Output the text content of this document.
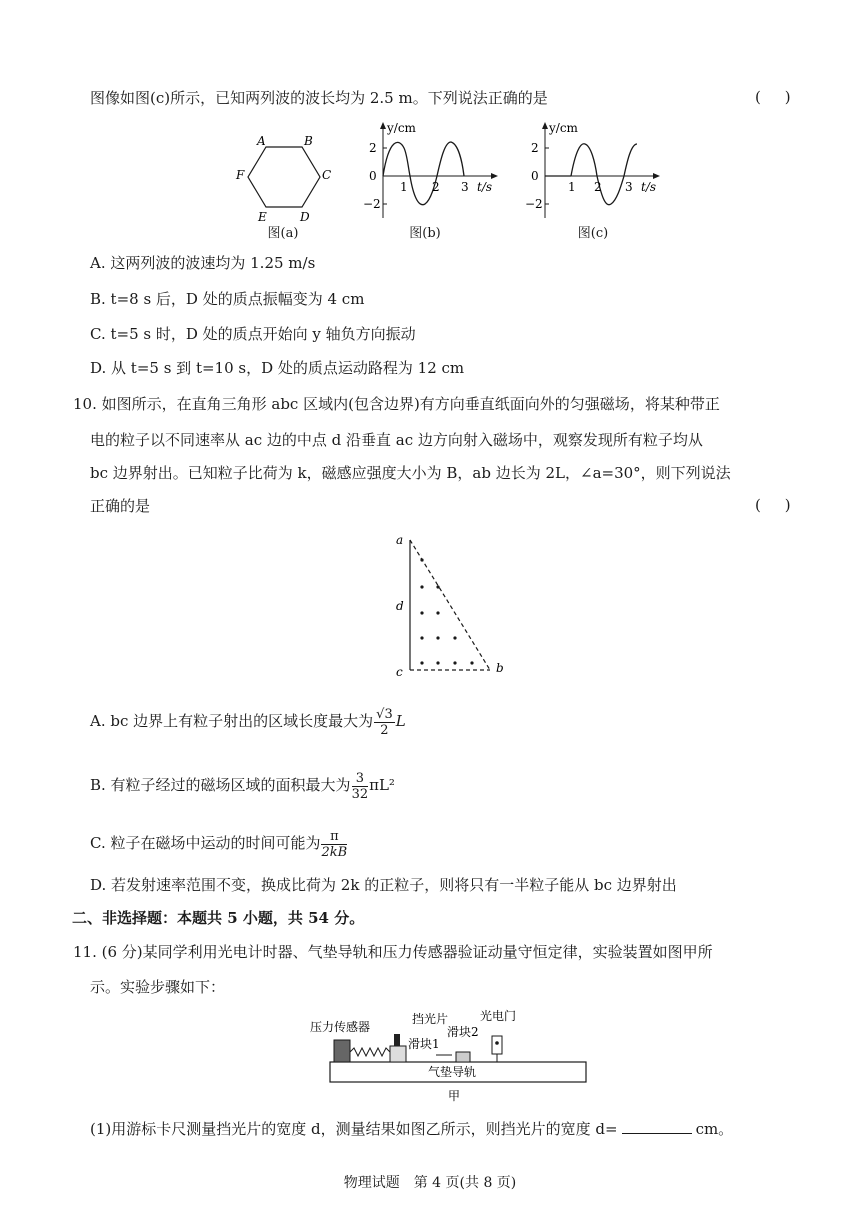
图像如图(c)所示，已知两列波的波长均为 2.5 m。下列说法正确的是	(     )
A	B
C
D
E
F
图(a)
y/cm
2
0
−2
1 2 3 t/s
图(b)
y/cm
2
0
−2
1 2 3 t/s
图(c)
A. 这两列波的波速均为 1.25 m/s
B. t=8 s 后，D 处的质点振幅变为 4 cm
C. t=5 s 时，D 处的质点开始向 y 轴负方向振动
D. 从 t=5 s 到 t=10 s，D 处的质点运动路程为 12 cm
10. 如图所示，在直角三角形 abc 区域内(包含边界)有方向垂直纸面向外的匀强磁场，将某种带正
电的粒子以不同速率从 ac 边的中点 d 沿垂直 ac 边方向射入磁场中，观察发现所有粒子均从
bc 边界射出。已知粒子比荷为 k，磁感应强度大小为 B，ab 边长为 2L，∠a=30°，则下列说法
正确的是	(     )
a
d
c	b
A. bc 边界上有粒子射出的区域长度最大为 $\frac{√3}{2}$ L
B. 有粒子经过的磁场区域的面积最大为 $\frac{3}{32} \pi L^2$
C. 粒子在磁场中运动的时间可能为 $\frac{\pi}{2kB}$
D. 若发射速率范围不变，换成比荷为 2k 的正粒子，则将只有一半粒子能从 bc 边界射出
二、非选择题：本题共 5 小题，共 54 分。
11. (6 分)某同学利用光电计时器、气垫导轨和压力传感器验证动量守恒定律，实验装置如图甲所
示。实验步骤如下：
压力传感器
挡光片	光电门
滑块1
滑块2
气垫导轨
甲
(1)用游标卡尺测量挡光片的宽度 d，测量结果如图乙所示，则挡光片的宽度 d=	cm。
物理试题　第 4 页(共 8 页)
